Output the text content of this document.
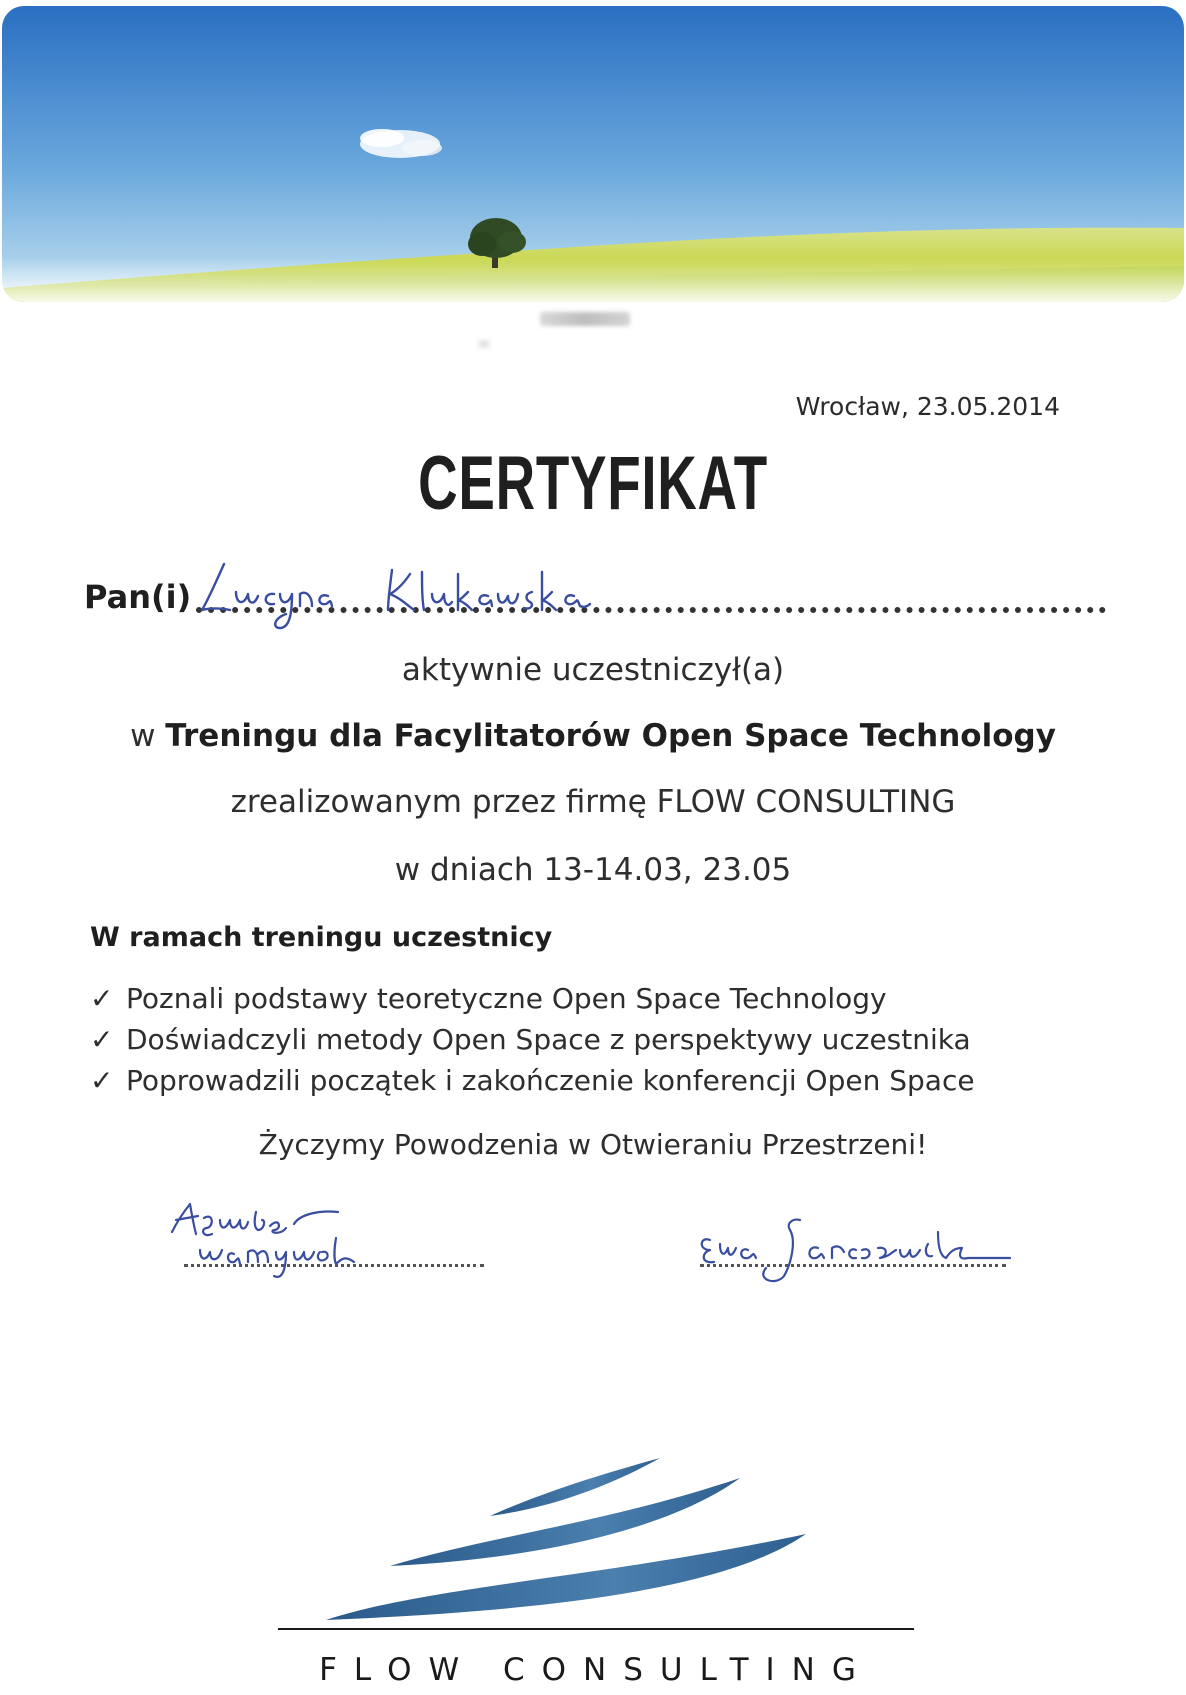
Wrocław, 23.05.2014
CERTYFIKAT
Pan(i)
aktywnie uczestniczył(a)
w Treningu dla Facylitatorów Open Space Technology
zrealizowanym przez firmę FLOW CONSULTING
w dniach 13-14.03, 23.05
W ramach treningu uczestnicy
✓ Poznali podstawy teoretyczne Open Space Technology
✓ Doświadczyli metody Open Space z perspektywy uczestnika
✓ Poprowadzili początek i zakończenie konferencji Open Space
Życzymy Powodzenia w Otwieraniu Przestrzeni!
FLOW CONSULTING
